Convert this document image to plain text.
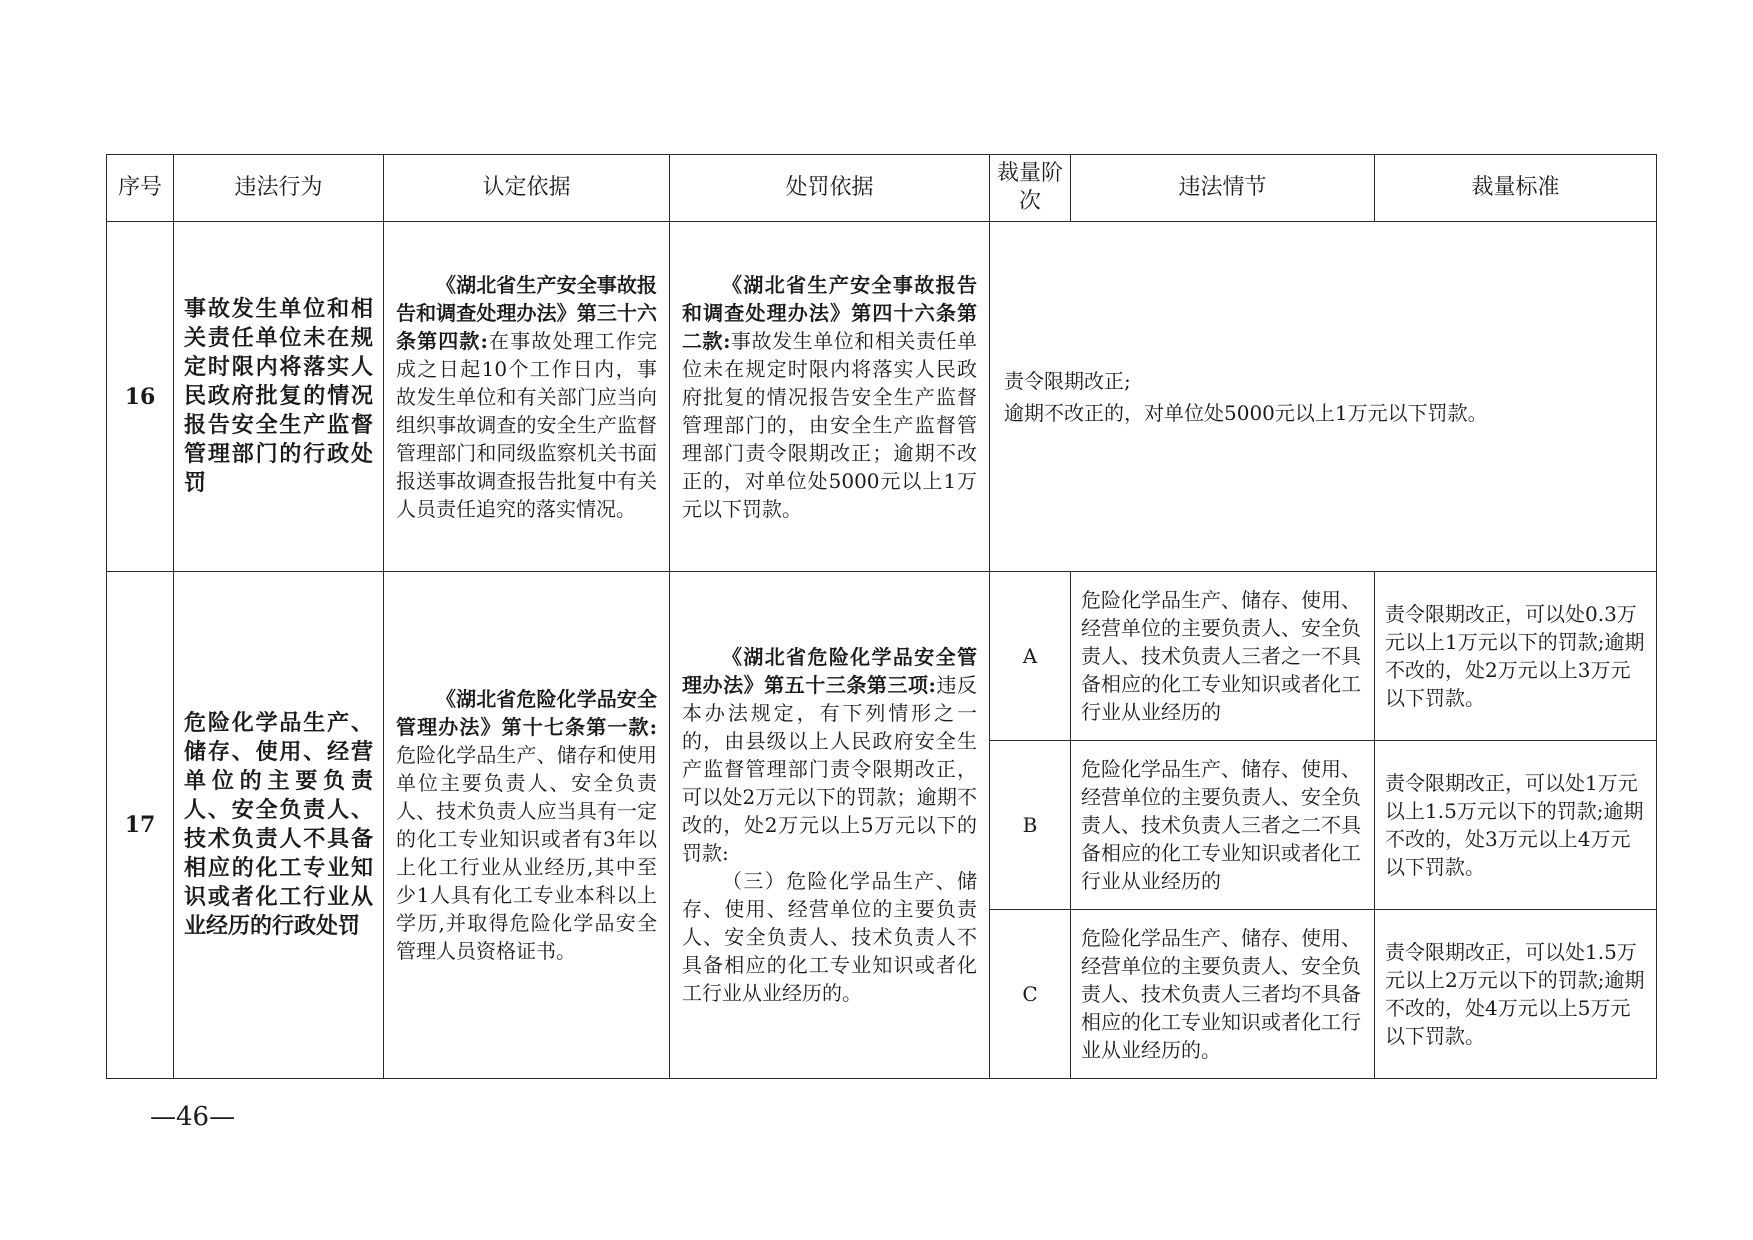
序号	违法行为	认定依据	处罚依据	裁量阶次	违法情节	裁量标准
16	事故发生单位和相关责任单位未在规定时限内将落实人民政府批复的情况报告安全生产监督管理部门的行政处罚	《湖北省生产安全事故报告和调查处理办法》第三十六条第四款:在事故处理工作完成之日起10个工作日内，事故发生单位和有关部门应当向组织事故调查的安全生产监督管理部门和同级监察机关书面报送事故调查报告批复中有关人员责任追究的落实情况。	《湖北省生产安全事故报告和调查处理办法》第四十六条第二款:事故发生单位和相关责任单位未在规定时限内将落实人民政府批复的情况报告安全生产监督管理部门的，由安全生产监督管理部门责令限期改正；逾期不改正的，对单位处5000元以上1万元以下罚款。	责令限期改正;
逾期不改正的，对单位处5000元以上1万元以下罚款。		

17	危险化学品生产、储存、使用、经营单位的主要负责人、安全负责人、技术负责人不具备相应的化工专业知识或者化工行业从业经历的行政处罚	《湖北省危险化学品安全管理办法》第十七条第一款:危险化学品生产、储存和使用单位主要负责人、安全负责人、技术负责人应当具有一定的化工专业知识或者有3年以上化工行业从业经历,其中至少1人具有化工专业本科以上学历,并取得危险化学品安全管理人员资格证书。	《湖北省危险化学品安全管理办法》第五十三条第三项:违反本办法规定，有下列情形之一的，由县级以上人民政府安全生产监督管理部门责令限期改正，可以处2万元以下的罚款；逾期不改的，处2万元以上5万元以下的罚款:
（三）危险化学品生产、储存、使用、经营单位的主要负责人、安全负责人、技术负责人不具备相应的化工专业知识或者化工行业从业经历的。	A	危险化学品生产、储存、使用、经营单位的主要负责人、安全负责人、技术负责人三者之一不具备相应的化工专业知识或者化工行业从业经历的	责令限期改正，可以处0.3万元以上1万元以下的罚款;逾期不改的，处2万元以上3万元以下罚款。
				B	危险化学品生产、储存、使用、经营单位的主要负责人、安全负责人、技术负责人三者之二不具备相应的化工专业知识或者化工行业从业经历的	责令限期改正，可以处1万元以上1.5万元以下的罚款;逾期不改的，处3万元以上4万元以下罚款。
				C	危险化学品生产、储存、使用、经营单位的主要负责人、安全负责人、技术负责人三者均不具备相应的化工专业知识或者化工行业从业经历的。	责令限期改正，可以处1.5万元以上2万元以下的罚款;逾期不改的，处4万元以上5万元以下罚款。
—46—
